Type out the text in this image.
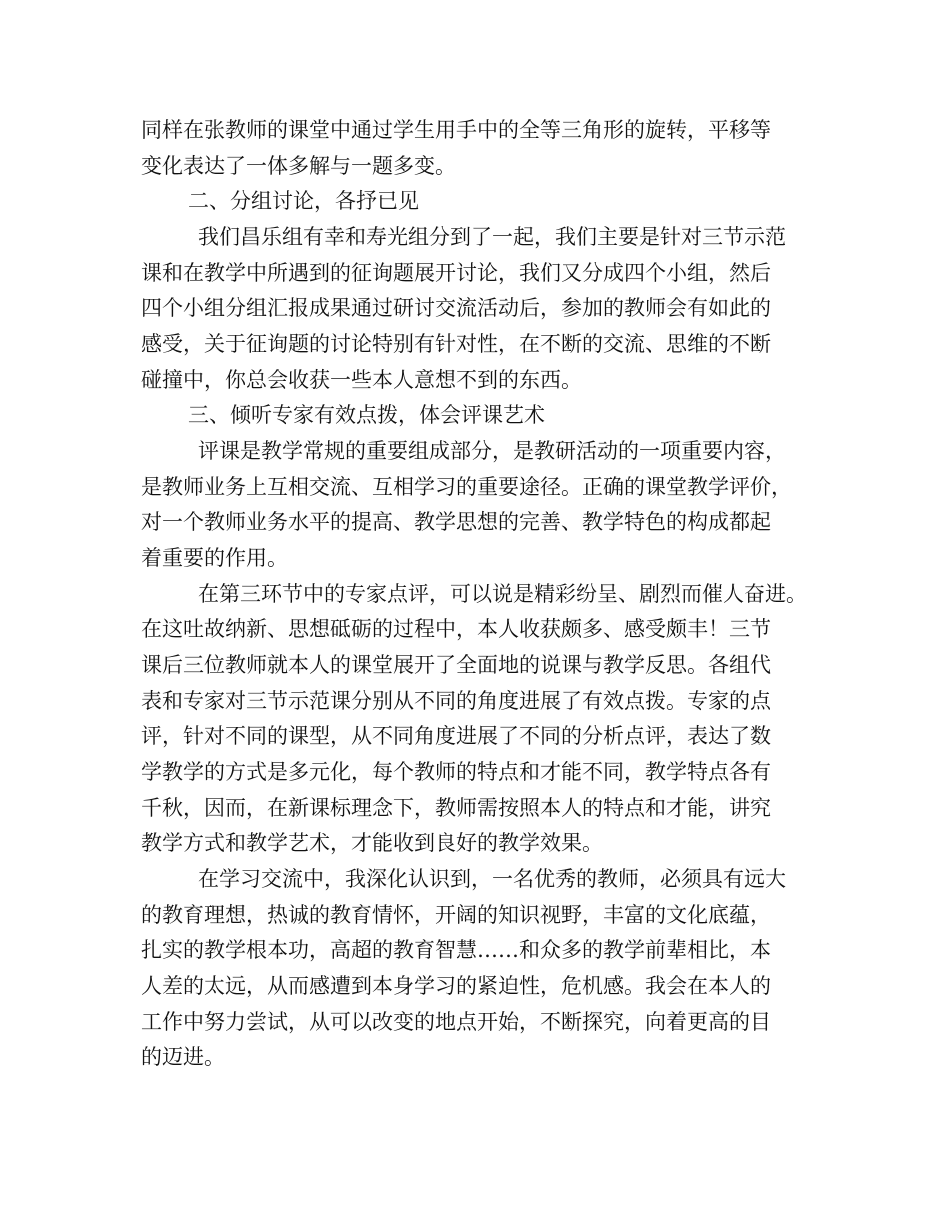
同样在张教师的课堂中通过学生用手中的全等三角形的旋转，平移等
变化表达了一体多解与一题多变。
二、分组讨论，各抒已见
我们昌乐组有幸和寿光组分到了一起，我们主要是针对三节示范
课和在教学中所遇到的征询题展开讨论，我们又分成四个小组，然后
四个小组分组汇报成果通过研讨交流活动后，参加的教师会有如此的
感受，关于征询题的讨论特别有针对性，在不断的交流、思维的不断
碰撞中，你总会收获一些本人意想不到的东西。
三、倾听专家有效点拨，体会评课艺术
评课是教学常规的重要组成部分，是教研活动的一项重要内容，
是教师业务上互相交流、互相学习的重要途径。正确的课堂教学评价，
对一个教师业务水平的提高、教学思想的完善、教学特色的构成都起
着重要的作用。
在第三环节中的专家点评，可以说是精彩纷呈、剧烈而催人奋进。
在这吐故纳新、思想砥砺的过程中，本人收获颇多、感受颇丰！三节
课后三位教师就本人的课堂展开了全面地的说课与教学反思。各组代
表和专家对三节示范课分别从不同的角度进展了有效点拨。专家的点
评，针对不同的课型，从不同角度进展了不同的分析点评，表达了数
学教学的方式是多元化，每个教师的特点和才能不同，教学特点各有
千秋，因而，在新课标理念下，教师需按照本人的特点和才能，讲究
教学方式和教学艺术，才能收到良好的教学效果。
在学习交流中，我深化认识到，一名优秀的教师，必须具有远大
的教育理想，热诚的教育情怀，开阔的知识视野，丰富的文化底蕴，
扎实的教学根本功，高超的教育智慧……和众多的教学前辈相比，本
人差的太远，从而感遭到本身学习的紧迫性，危机感。我会在本人的
工作中努力尝试，从可以改变的地点开始，不断探究，向着更高的目
的迈进。
